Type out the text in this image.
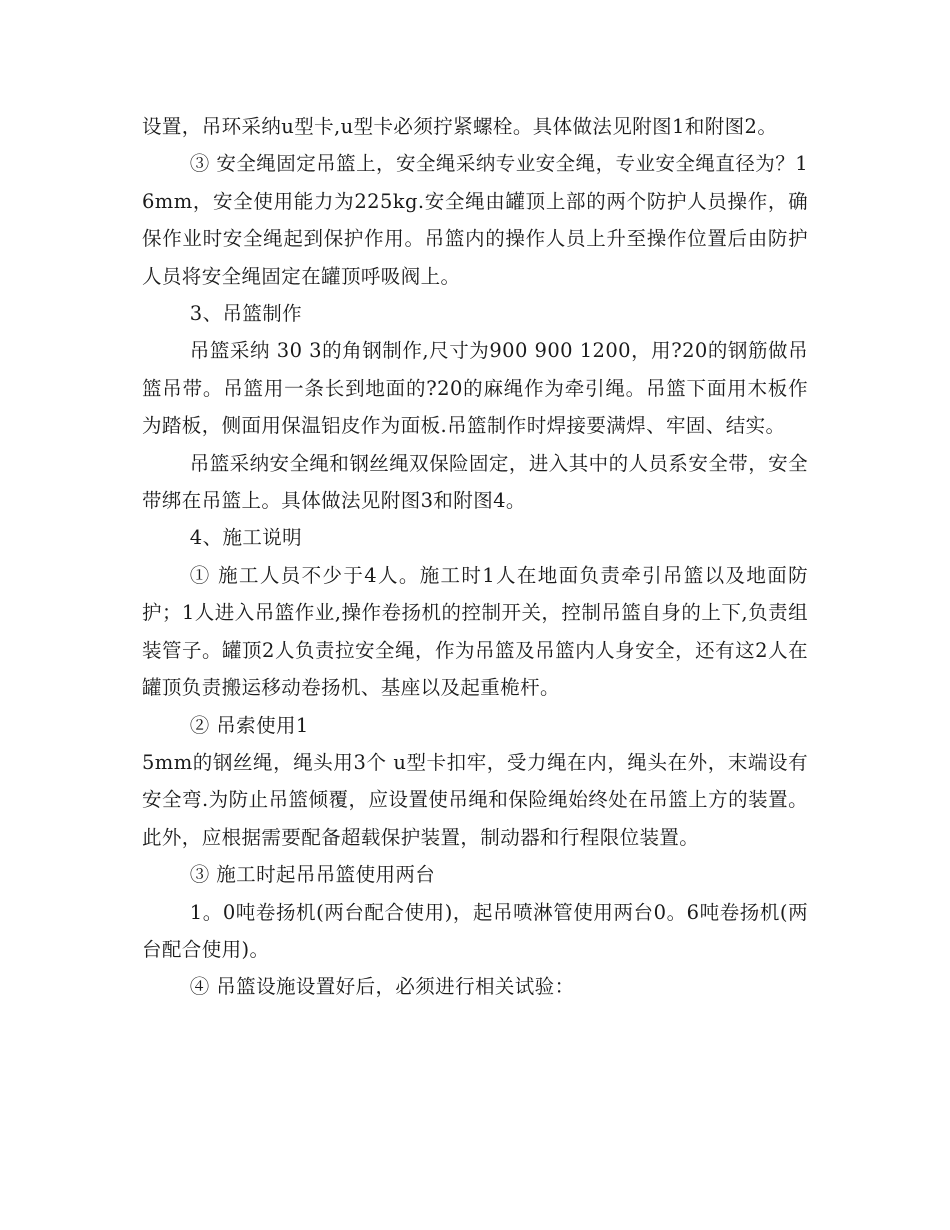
设置，吊环采纳u型卡,u型卡必须拧紧螺栓。具体做法见附图1和附图2。

③ 安全绳固定吊篮上，安全绳采纳专业安全绳，专业安全绳直径为？16mm，安全使用能力为225kg.安全绳由罐顶上部的两个防护人员操作，确保作业时安全绳起到保护作用。吊篮内的操作人员上升至操作位置后由防护人员将安全绳固定在罐顶呼吸阀上。

3、吊篮制作

吊篮采纳 30 3的角钢制作,尺寸为900 900 1200，用?20的钢筋做吊篮吊带。吊篮用一条长到地面的?20的麻绳作为牵引绳。吊篮下面用木板作为踏板，侧面用保温铝皮作为面板.吊篮制作时焊接要满焊、牢固、结实。

吊篮采纳安全绳和钢丝绳双保险固定，进入其中的人员系安全带，安全带绑在吊篮上。具体做法见附图3和附图4。

4、施工说明

① 施工人员不少于4人。施工时1人在地面负责牵引吊篮以及地面防护；1人进入吊篮作业,操作卷扬机的控制开关，控制吊篮自身的上下,负责组装管子。罐顶2人负责拉安全绳，作为吊篮及吊篮内人身安全，还有这2人在罐顶负责搬运移动卷扬机、基座以及起重桅杆。

② 吊索使用1

5mm的钢丝绳，绳头用3个 u型卡扣牢，受力绳在内，绳头在外，末端设有安全弯.为防止吊篮倾覆，应设置使吊绳和保险绳始终处在吊篮上方的装置。此外，应根据需要配备超载保护装置，制动器和行程限位装置。

③ 施工时起吊吊篮使用两台

1。0吨卷扬机(两台配合使用)，起吊喷淋管使用两台0。6吨卷扬机(两台配合使用)。

④ 吊篮设施设置好后，必须进行相关试验：
